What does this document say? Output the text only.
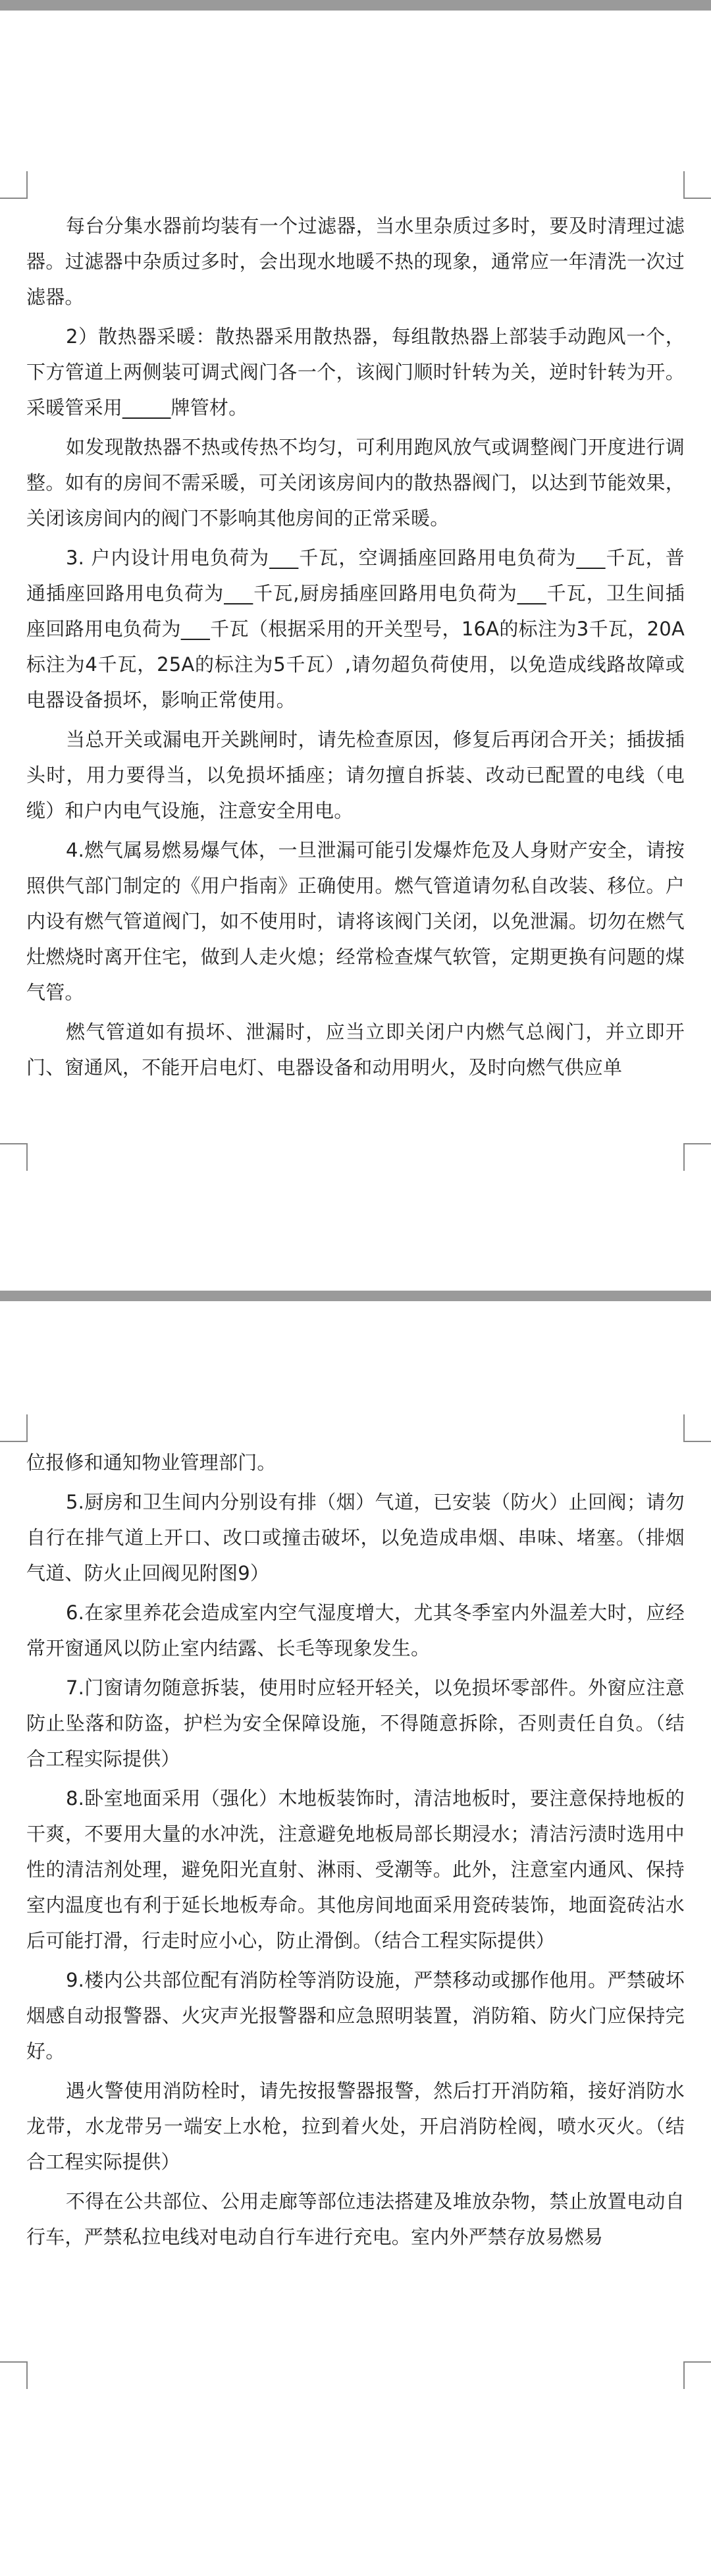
每台分集水器前均装有一个过滤器，当水里杂质过多时，要及时清理过滤器。过滤器中杂质过多时，会出现水地暖不热的现象，通常应一年清洗一次过滤器。

2）散热器采暖：散热器采用散热器，每组散热器上部装手动跑风一个，下方管道上两侧装可调式阀门各一个，该阀门顺时针转为关，逆时针转为开。采暖管采用_____牌管材。

如发现散热器不热或传热不均匀，可利用跑风放气或调整阀门开度进行调整。如有的房间不需采暖，可关闭该房间内的散热器阀门，以达到节能效果，关闭该房间内的阀门不影响其他房间的正常采暖。

3. 户内设计用电负荷为___千瓦，空调插座回路用电负荷为___千瓦，普通插座回路用电负荷为___千瓦,厨房插座回路用电负荷为___千瓦，卫生间插座回路用电负荷为___千瓦（根据采用的开关型号，16A的标注为3千瓦，20A标注为4千瓦，25A的标注为5千瓦）,请勿超负荷使用，以免造成线路故障或电器设备损坏，影响正常使用。

当总开关或漏电开关跳闸时，请先检查原因，修复后再闭合开关；插拔插头时，用力要得当，以免损坏插座；请勿擅自拆装、改动已配置的电线（电缆）和户内电气设施，注意安全用电。

4.燃气属易燃易爆气体，一旦泄漏可能引发爆炸危及人身财产安全，请按照供气部门制定的《用户指南》正确使用。燃气管道请勿私自改装、移位。户内设有燃气管道阀门，如不使用时，请将该阀门关闭，以免泄漏。切勿在燃气灶燃烧时离开住宅，做到人走火熄；经常检查煤气软管，定期更换有问题的煤气管。

燃气管道如有损坏、泄漏时，应当立即关闭户内燃气总阀门，并立即开门、窗通风，不能开启电灯、电器设备和动用明火，及时向燃气供应单

位报修和通知物业管理部门。

5.厨房和卫生间内分别设有排（烟）气道，已安装（防火）止回阀；请勿自行在排气道上开口、改口或撞击破坏，以免造成串烟、串味、堵塞。（排烟气道、防火止回阀见附图9）

6.在家里养花会造成室内空气湿度增大，尤其冬季室内外温差大时，应经常开窗通风以防止室内结露、长毛等现象发生。

7.门窗请勿随意拆装，使用时应轻开轻关，以免损坏零部件。外窗应注意防止坠落和防盗，护栏为安全保障设施，不得随意拆除，否则责任自负。（结合工程实际提供）

8.卧室地面采用（强化）木地板装饰时，清洁地板时，要注意保持地板的干爽，不要用大量的水冲洗，注意避免地板局部长期浸水；清洁污渍时选用中性的清洁剂处理，避免阳光直射、淋雨、受潮等。此外，注意室内通风、保持室内温度也有利于延长地板寿命。其他房间地面采用瓷砖装饰，地面瓷砖沾水后可能打滑，行走时应小心，防止滑倒。（结合工程实际提供）

9.楼内公共部位配有消防栓等消防设施，严禁移动或挪作他用。严禁破坏烟感自动报警器、火灾声光报警器和应急照明装置，消防箱、防火门应保持完好。

遇火警使用消防栓时，请先按报警器报警，然后打开消防箱，接好消防水龙带，水龙带另一端安上水枪，拉到着火处，开启消防栓阀，喷水灭火。（结合工程实际提供）

不得在公共部位、公用走廊等部位违法搭建及堆放杂物，禁止放置电动自行车，严禁私拉电线对电动自行车进行充电。室内外严禁存放易燃易
